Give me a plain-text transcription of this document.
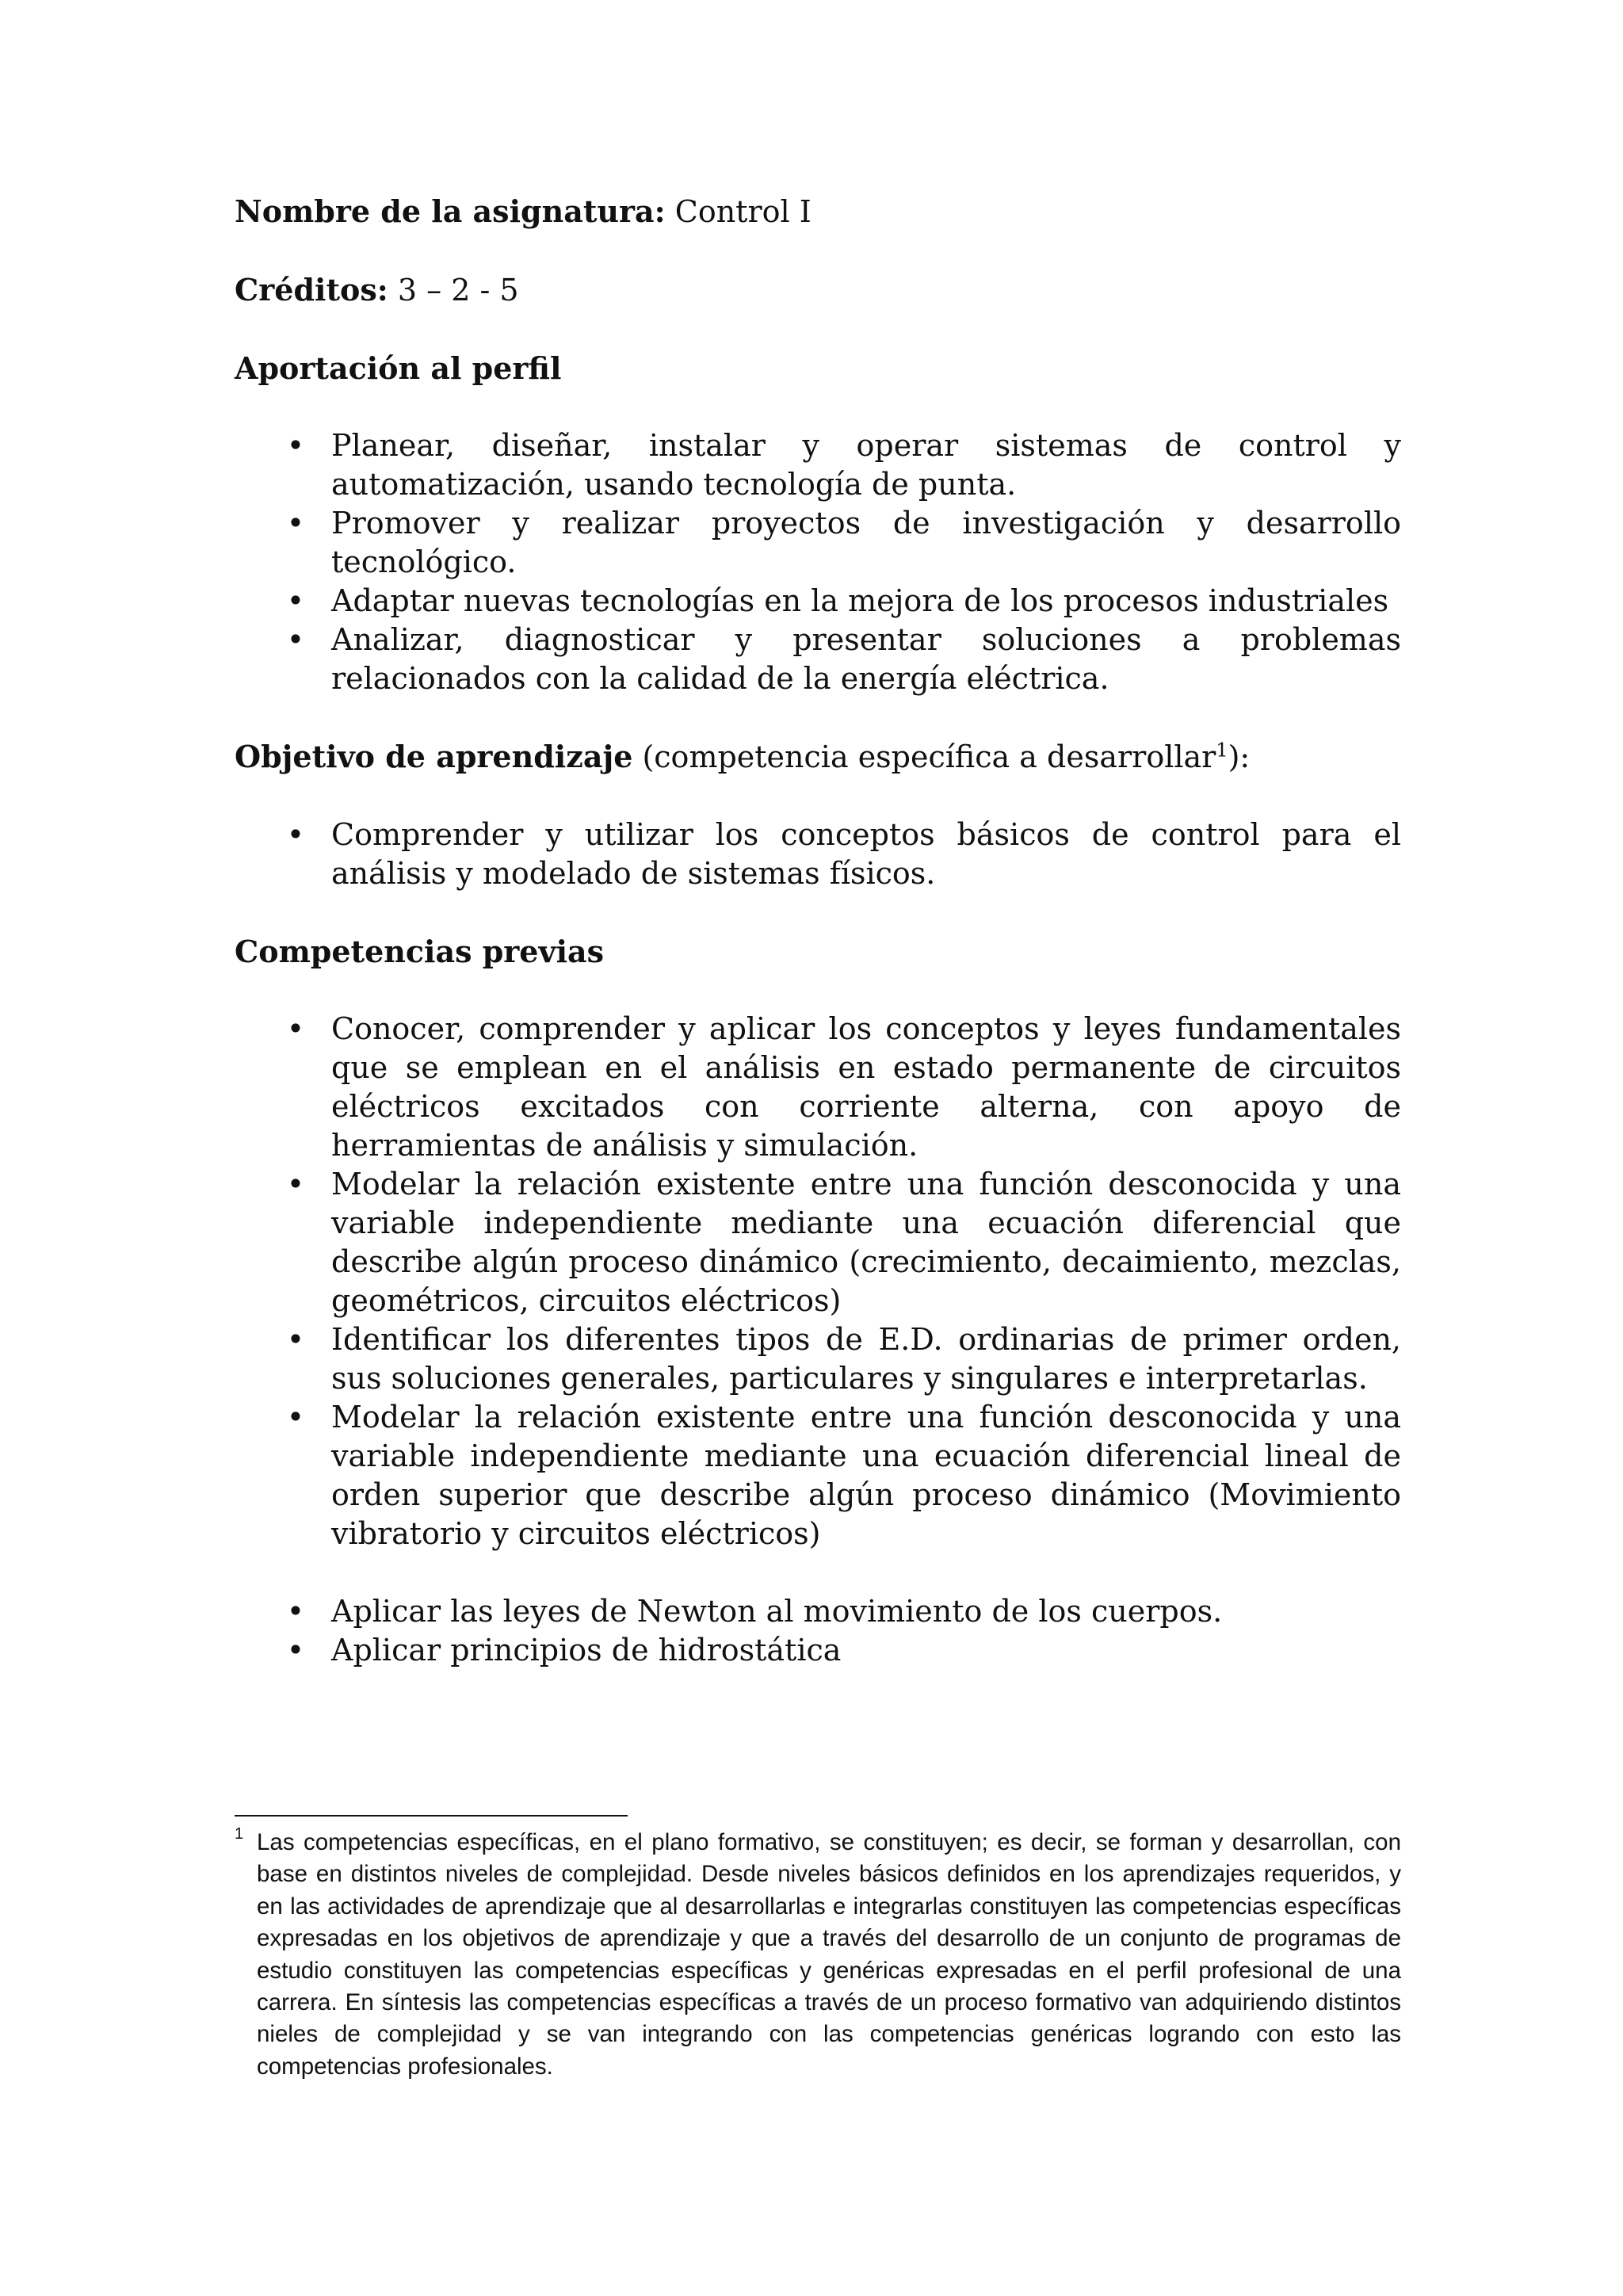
Nombre de la asignatura: Control I

Créditos: 3 – 2 - 5

Aportación al perfil

• Planear, diseñar, instalar y operar sistemas de control y automatización, usando tecnología de punta.
• Promover y realizar proyectos de investigación y desarrollo tecnológico.
• Adaptar nuevas tecnologías en la mejora de los procesos industriales
• Analizar, diagnosticar y presentar soluciones a problemas relacionados con la calidad de la energía eléctrica.

Objetivo de aprendizaje (competencia específica a desarrollar$^1$):

• Comprender y utilizar los conceptos básicos de control para el análisis y modelado de sistemas físicos.

Competencias previas

• Conocer, comprender y aplicar los conceptos y leyes fundamentales que se emplean en el análisis en estado permanente de circuitos eléctricos excitados con corriente alterna, con apoyo de herramientas de análisis y simulación.
• Modelar la relación existente entre una función desconocida y una variable independiente mediante una ecuación diferencial que describe algún proceso dinámico (crecimiento, decaimiento, mezclas, geométricos, circuitos eléctricos)
• Identificar los diferentes tipos de E.D. ordinarias de primer orden, sus soluciones generales, particulares y singulares e interpretarlas.
• Modelar la relación existente entre una función desconocida y una variable independiente mediante una ecuación diferencial lineal de orden superior que describe algún proceso dinámico (Movimiento vibratorio y circuitos eléctricos)
• Aplicar las leyes de Newton al movimiento de los cuerpos.
• Aplicar principios de hidrostática
1 Las competencias específicas, en el plano formativo, se constituyen; es decir, se forman y desarrollan, con base en distintos niveles de complejidad. Desde niveles básicos definidos en los aprendizajes requeridos, y en las actividades de aprendizaje que al desarrollarlas e integrarlas constituyen las competencias específicas expresadas en los objetivos de aprendizaje y que a través del desarrollo de un conjunto de programas de estudio constituyen las competencias específicas y genéricas expresadas en el perfil profesional de una carrera. En síntesis las competencias específicas a través de un proceso formativo van adquiriendo distintos nieles de complejidad y se van integrando con las competencias genéricas logrando con esto las competencias profesionales.
